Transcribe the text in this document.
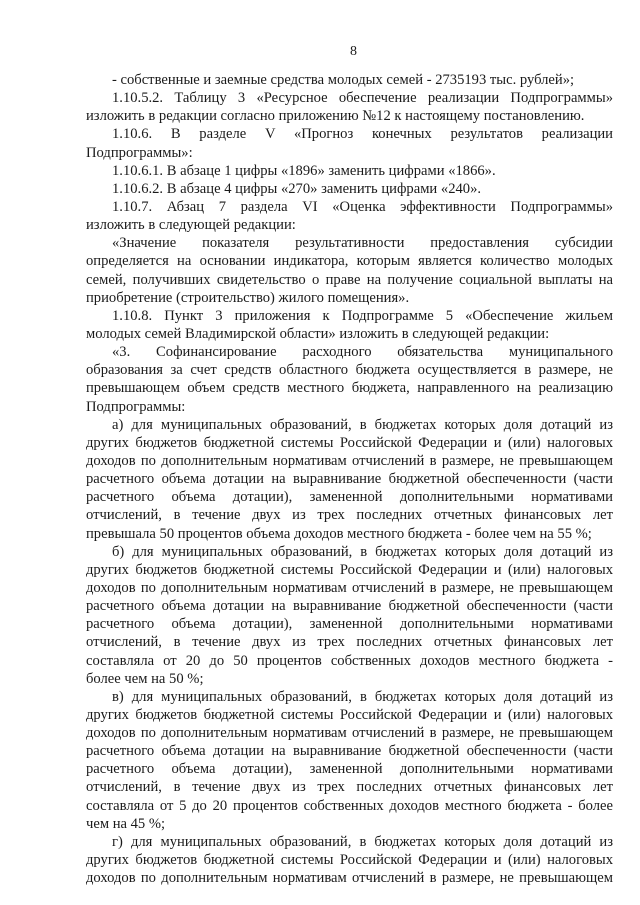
8
- собственные и заемные средства молодых семей - 2735193 тыс. рублей»;
1.10.5.2. Таблицу 3 «Ресурсное обеспечение реализации Подпрограммы»
изложить в редакции согласно приложению №12 к настоящему постановлению.
1.10.6. В разделе V «Прогноз конечных результатов реализации
Подпрограммы»:
1.10.6.1. В абзаце 1 цифры «1896» заменить цифрами «1866».
1.10.6.2. В абзаце 4 цифры «270» заменить цифрами «240».
1.10.7. Абзац 7 раздела VI «Оценка эффективности Подпрограммы»
изложить в следующей редакции:
«Значение показателя результативности предоставления субсидии
определяется на основании индикатора, которым является количество молодых
семей, получивших свидетельство о праве на получение социальной выплаты на
приобретение (строительство) жилого помещения».
1.10.8. Пункт 3 приложения к Подпрограмме 5 «Обеспечение жильем
молодых семей Владимирской области» изложить в следующей редакции:
«3. Софинансирование расходного обязательства муниципального
образования за счет средств областного бюджета осуществляется в размере, не
превышающем объем средств местного бюджета, направленного на реализацию
Подпрограммы:
а) для муниципальных образований, в бюджетах которых доля дотаций из
других бюджетов бюджетной системы Российской Федерации и (или) налоговых
доходов по дополнительным нормативам отчислений в размере, не превышающем
расчетного объема дотации на выравнивание бюджетной обеспеченности (части
расчетного объема дотации), замененной дополнительными нормативами
отчислений, в течение двух из трех последних отчетных финансовых лет
превышала 50 процентов объема доходов местного бюджета - более чем на 55 %;
б) для муниципальных образований, в бюджетах которых доля дотаций из
других бюджетов бюджетной системы Российской Федерации и (или) налоговых
доходов по дополнительным нормативам отчислений в размере, не превышающем
расчетного объема дотации на выравнивание бюджетной обеспеченности (части
расчетного объема дотации), замененной дополнительными нормативами
отчислений, в течение двух из трех последних отчетных финансовых лет
составляла от 20 до 50 процентов собственных доходов местного бюджета -
более чем на 50 %;
в) для муниципальных образований, в бюджетах которых доля дотаций из
других бюджетов бюджетной системы Российской Федерации и (или) налоговых
доходов по дополнительным нормативам отчислений в размере, не превышающем
расчетного объема дотации на выравнивание бюджетной обеспеченности (части
расчетного объема дотации), замененной дополнительными нормативами
отчислений, в течение двух из трех последних отчетных финансовых лет
составляла от 5 до 20 процентов собственных доходов местного бюджета - более
чем на 45 %;
г) для муниципальных образований, в бюджетах которых доля дотаций из
других бюджетов бюджетной системы Российской Федерации и (или) налоговых
доходов по дополнительным нормативам отчислений в размере, не превышающем
